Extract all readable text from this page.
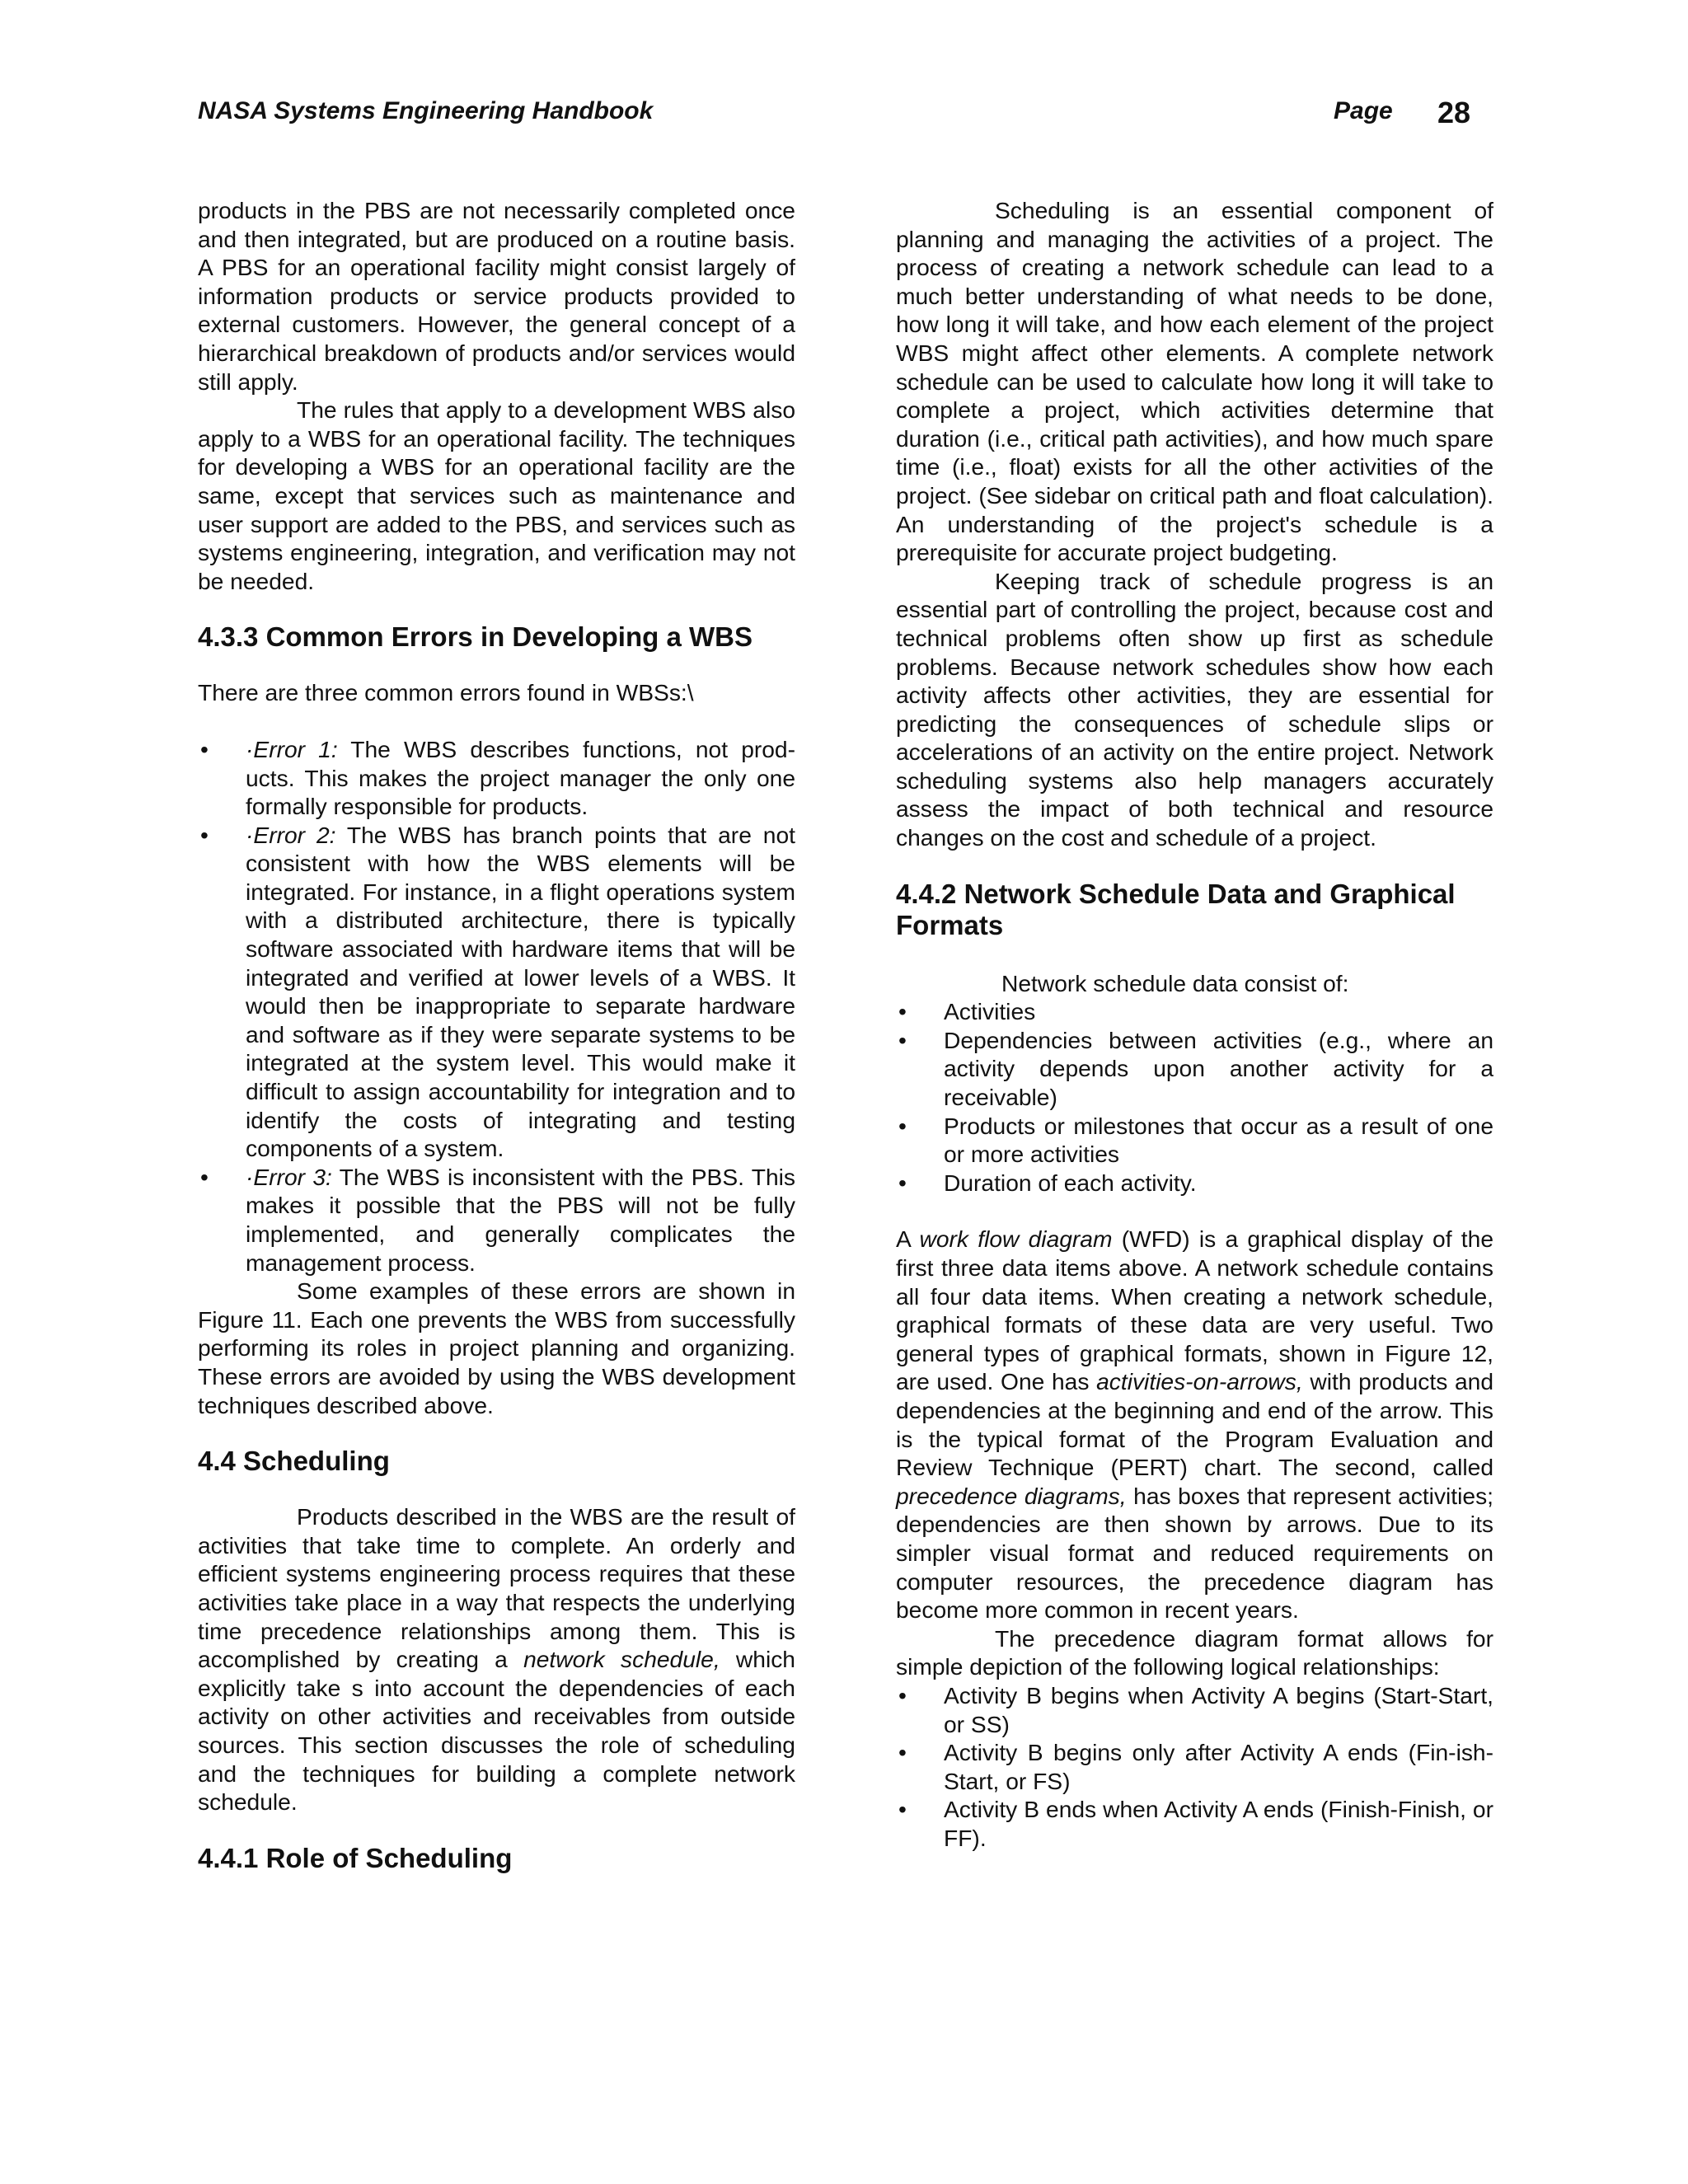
NASA Systems Engineering Handbook	Page 28

products in the PBS are not necessarily completed once and then integrated, but are produced on a routine basis. A PBS for an operational facility might consist largely of information products or service products provided to external customers. However, the general concept of a hierarchical breakdown of products and/or services would still apply.

The rules that apply to a development WBS also apply to a WBS for an operational facility. The techniques for developing a WBS for an operational facility are the same, except that services such as maintenance and user support are added to the PBS, and services such as systems engineering, integration, and verification may not be needed.

4.3.3 Common Errors in Developing a WBS

There are three common errors found in WBSs:\

•	·Error 1: The WBS describes functions, not prod-ucts. This makes the project manager the only one formally responsible for products.
•	·Error 2: The WBS has branch points that are not consistent with how the WBS elements will be integrated. For instance, in a flight operations system with a distributed architecture, there is typically software associated with hardware items that will be integrated and verified at lower levels of a WBS. It would then be inappropriate to separate hardware and software as if they were separate systems to be integrated at the system level. This would make it difficult to assign accountability for integration and to identify the costs of integrating and testing components of a system.
•	·Error 3: The WBS is inconsistent with the PBS. This makes it possible that the PBS will not be fully implemented, and generally complicates the management process.

Some examples of these errors are shown in Figure 11. Each one prevents the WBS from successfully performing its roles in project planning and organizing. These errors are avoided by using the WBS development techniques described above.

4.4 Scheduling

Products described in the WBS are the result of activities that take time to complete. An orderly and efficient systems engineering process requires that these activities take place in a way that respects the underlying time precedence relationships among them. This is accomplished by creating a network schedule, which explicitly take s into account the dependencies of each activity on other activities and receivables from outside sources. This section discusses the role of scheduling and the techniques for building a complete network schedule.

4.4.1 Role of Scheduling

Scheduling is an essential component of planning and managing the activities of a project. The process of creating a network schedule can lead to a much better understanding of what needs to be done, how long it will take, and how each element of the project WBS might affect other elements. A complete network schedule can be used to calculate how long it will take to complete a project, which activities determine that duration (i.e., critical path activities), and how much spare time (i.e., float) exists for all the other activities of the project. (See sidebar on critical path and float calculation). An understanding of the project's schedule is a prerequisite for accurate project budgeting.

Keeping track of schedule progress is an essential part of controlling the project, because cost and technical problems often show up first as schedule problems. Because network schedules show how each activity affects other activities, they are essential for predicting the consequences of schedule slips or accelerations of an activity on the entire project. Network scheduling systems also help managers accurately assess the impact of both technical and resource changes on the cost and schedule of a project.

4.4.2 Network Schedule Data and Graphical Formats

Network schedule data consist of:

•	Activities
•	Dependencies between activities (e.g., where an activity depends upon another activity for a receivable)
•	Products or milestones that occur as a result of one or more activities
•	Duration of each activity.

A work flow diagram (WFD) is a graphical display of the first three data items above. A network schedule contains all four data items. When creating a network schedule, graphical formats of these data are very useful. Two general types of graphical formats, shown in Figure 12, are used. One has activities-on-arrows, with products and dependencies at the beginning and end of the arrow. This is the typical format of the Program Evaluation and Review Technique (PERT) chart. The second, called precedence diagrams, has boxes that represent activities; dependencies are then shown by arrows. Due to its simpler visual format and reduced requirements on computer resources, the precedence diagram has become more common in recent years.

The precedence diagram format allows for simple depiction of the following logical relationships:

•	Activity B begins when Activity A begins (Start-Start, or SS)
•	Activity B begins only after Activity A ends (Fin-ish- Start, or FS)
•	Activity B ends when Activity A ends (Finish-Finish, or FF).
